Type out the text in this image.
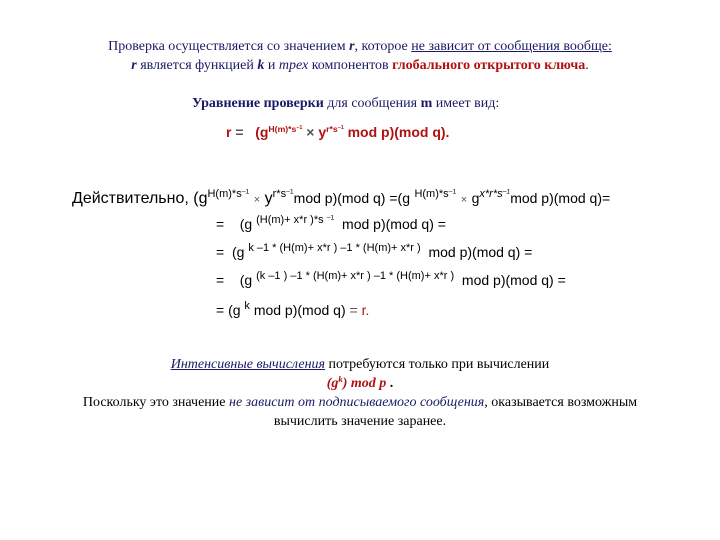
Проверка осуществляется со значением r, которое не зависит от сообщения вообще:
r является функцией k и трех компонентов глобального открытого ключа.
Уравнение проверки для сообщения m имеет вид:
$r = (g^{H(m)*s^{-1}} \times y^{r*s^{-1}}$ mod p)(mod q).
Действительно, ($g^{H(m)*s^{-1}} \times y^{r*s^{-1}}mod$ p)(mod q) =(g $^{H(m)*s^{-1}} \times g^{x*r*s^{-1}}mod$ p)(mod q)=
= (g $^{(H(m)+ x*r )*s ^{-1}}$ mod p)(mod q) =
= (g $^{k -1 * (H(m)+ x*r ) -1 * (H(m)+ x*r )}$ mod p)(mod q) =
= (g $^{(k -1 ) -1 * (H(m)+ x*r ) -1 * (H(m)+ x*r )}$ mod p)(mod q) =
= (g $^k$ mod p)(mod q) = r.
Интенсивные вычисления потребуются только при вычислении
$(g^k)$ mod p .
Поскольку это значение не зависит от подписываемого сообщения, оказывается возможным
вычислить значение заранее.
